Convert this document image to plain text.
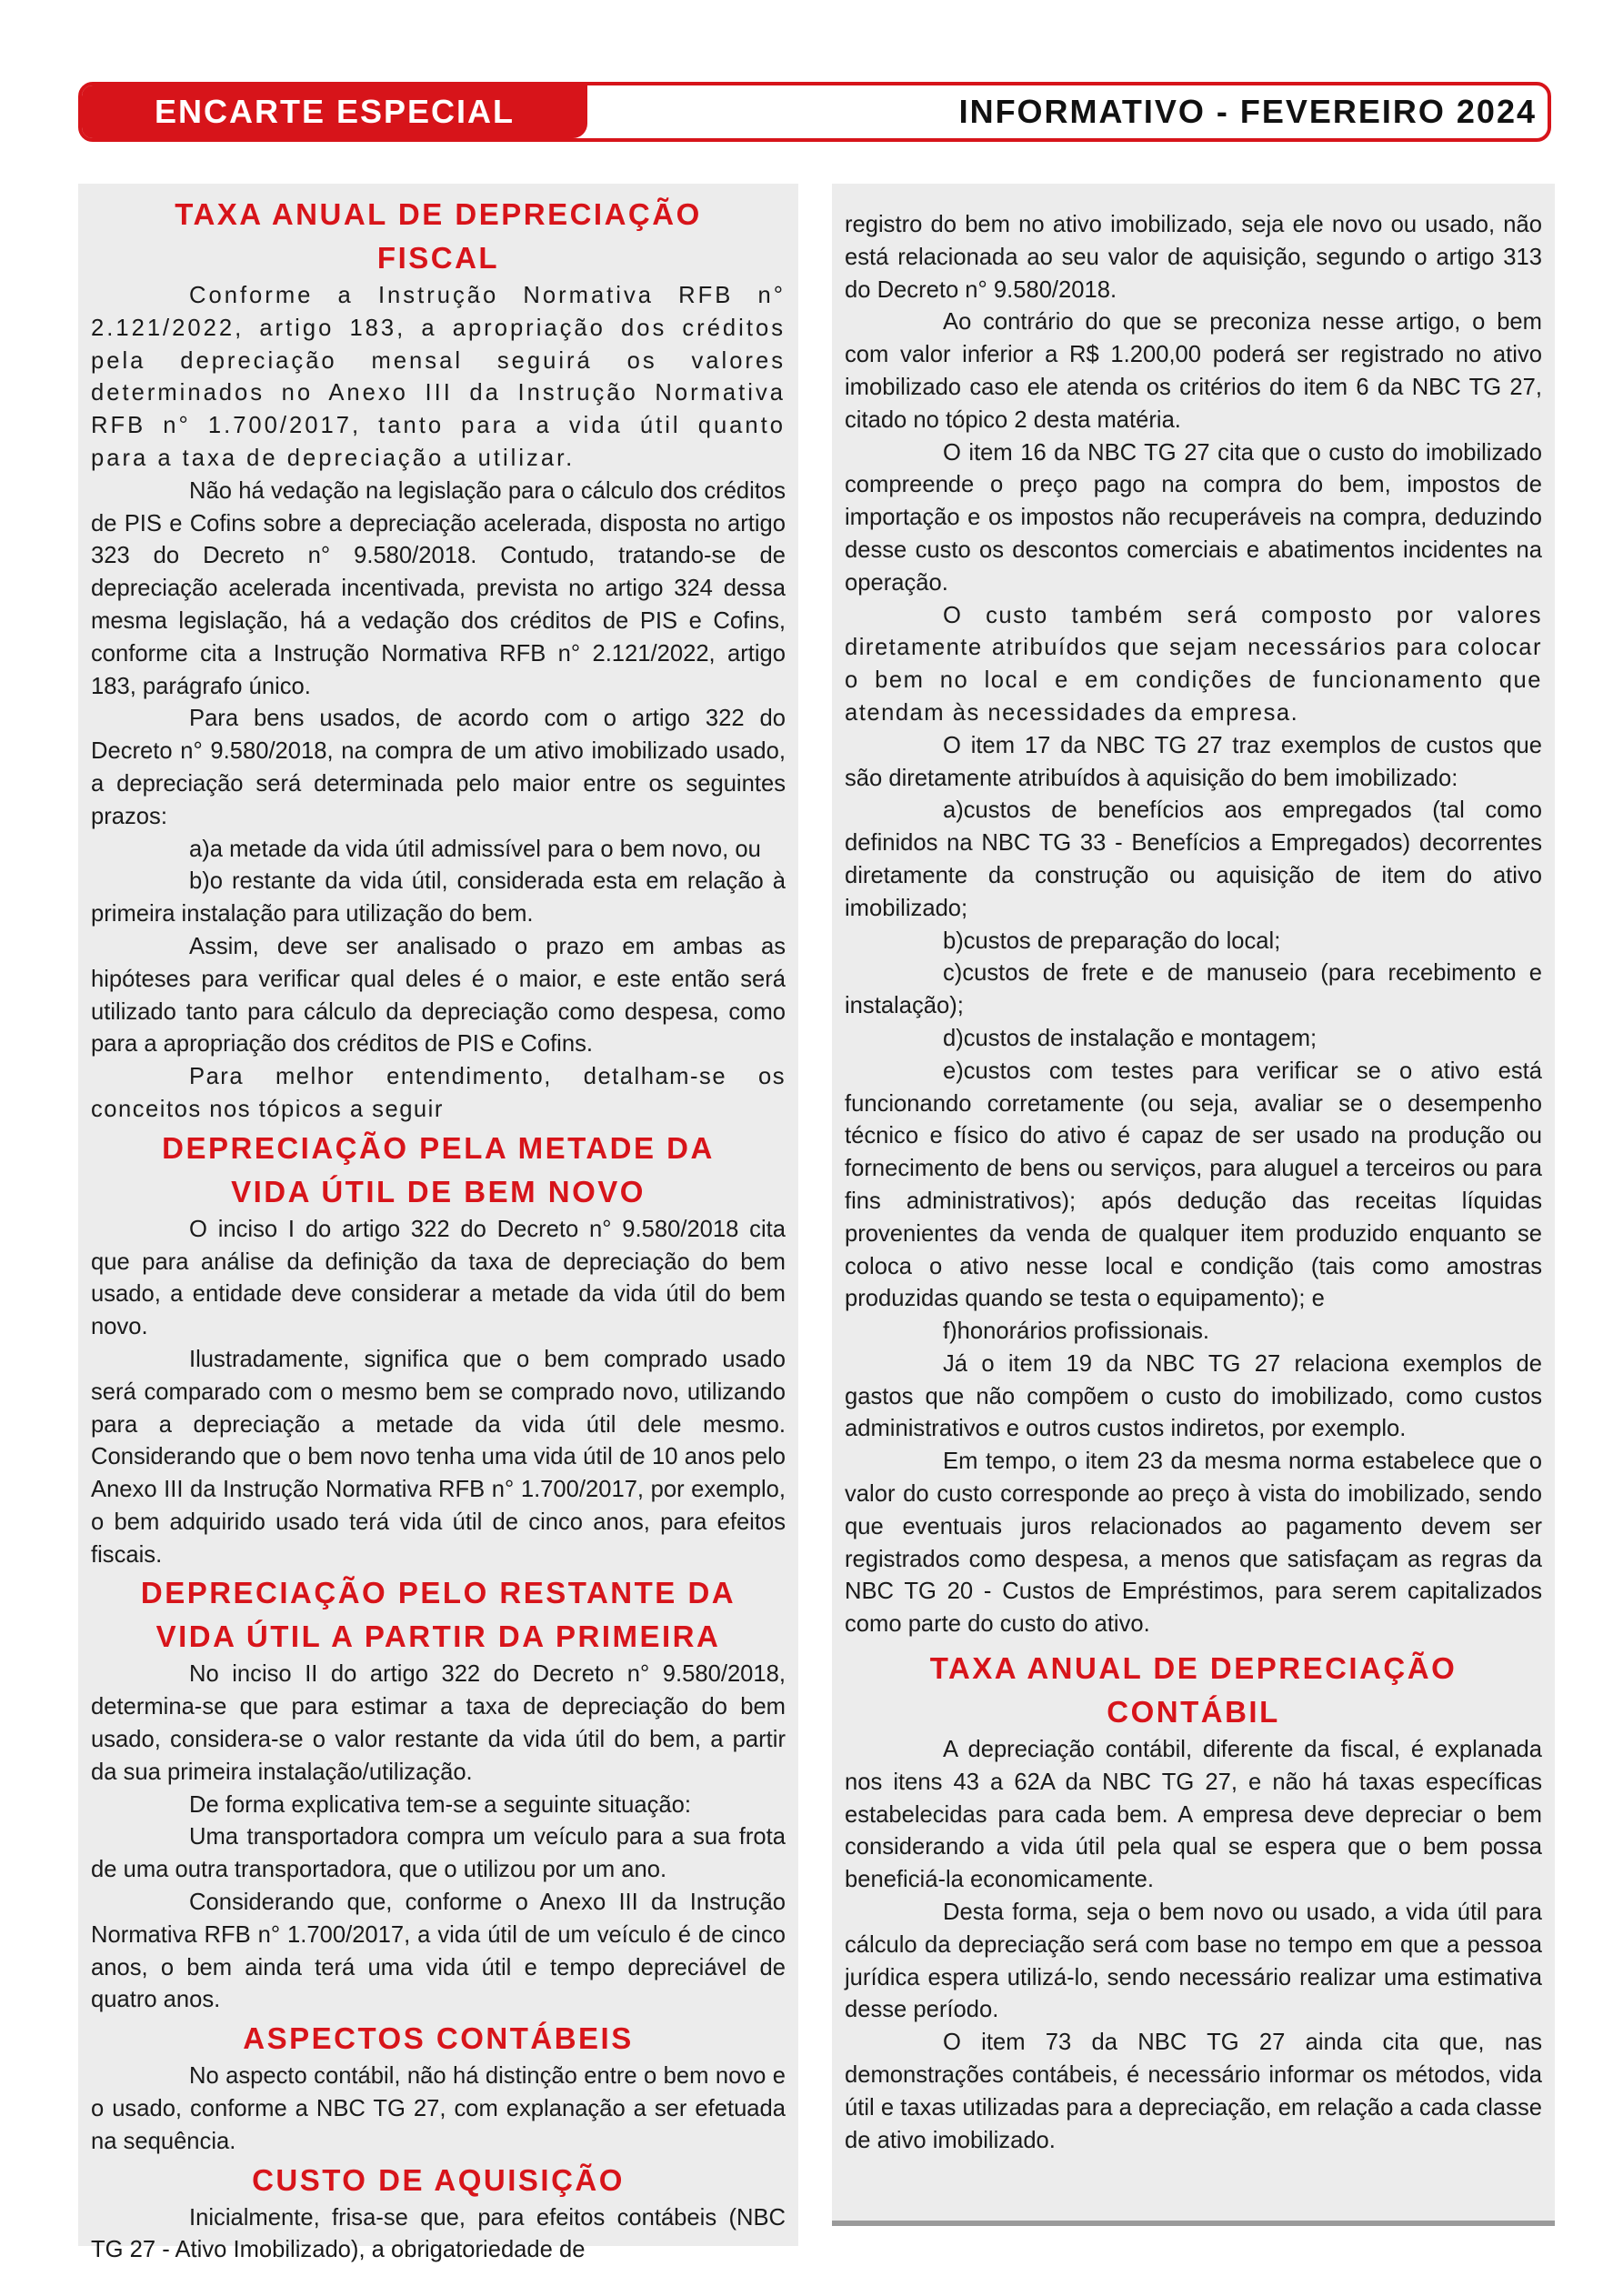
ENCARTE ESPECIAL	INFORMATIVO - FEVEREIRO 2024
TAXA ANUAL DE DEPRECIAÇÃO FISCAL

Conforme a Instrução Normativa RFB n° 2.121/2022, artigo 183, a apropriação dos créditos pela depreciação mensal seguirá os valores determinados no Anexo III da Instrução Normativa RFB n° 1.700/2017, tanto para a vida útil quanto para a taxa de depreciação a utilizar.

Não há vedação na legislação para o cálculo dos créditos de PIS e Cofins sobre a depreciação acelerada, disposta no artigo 323 do Decreto n° 9.580/2018. Contudo, tratando-se de depreciação acelerada incentivada, prevista no artigo 324 dessa mesma legislação, há a vedação dos créditos de PIS e Cofins, conforme cita a Instrução Normativa RFB n° 2.121/2022, artigo 183, parágrafo único.

Para bens usados, de acordo com o artigo 322 do Decreto n° 9.580/2018, na compra de um ativo imobilizado usado, a depreciação será determinada pelo maior entre os seguintes prazos:

a)a metade da vida útil admissível para o bem novo, ou

b)o restante da vida útil, considerada esta em relação à primeira instalação para utilização do bem.

Assim, deve ser analisado o prazo em ambas as hipóteses para verificar qual deles é o maior, e este então será utilizado tanto para cálculo da depreciação como despesa, como para a apropriação dos créditos de PIS e Cofins.

Para melhor entendimento, detalham-se os conceitos nos tópicos a seguir

DEPRECIAÇÃO PELA METADE DA VIDA ÚTIL DE BEM NOVO

O inciso I do artigo 322 do Decreto n° 9.580/2018 cita que para análise da definição da taxa de depreciação do bem usado, a entidade deve considerar a metade da vida útil do bem novo.

Ilustradamente, significa que o bem comprado usado será comparado com o mesmo bem se comprado novo, utilizando para a depreciação a metade da vida útil dele mesmo. Considerando que o bem novo tenha uma vida útil de 10 anos pelo Anexo III da Instrução Normativa RFB n° 1.700/2017, por exemplo, o bem adquirido usado terá vida útil de cinco anos, para efeitos fiscais.

DEPRECIAÇÃO PELO RESTANTE DA VIDA ÚTIL A PARTIR DA PRIMEIRA

No inciso II do artigo 322 do Decreto n° 9.580/2018, determina-se que para estimar a taxa de depreciação do bem usado, considera-se o valor restante da vida útil do bem, a partir da sua primeira instalação/utilização.

De forma explicativa tem-se a seguinte situação:

Uma transportadora compra um veículo para a sua frota de uma outra transportadora, que o utilizou por um ano.

Considerando que, conforme o Anexo III da Instrução Normativa RFB n° 1.700/2017, a vida útil de um veículo é de cinco anos, o bem ainda terá uma vida útil e tempo depreciável de quatro anos.

ASPECTOS CONTÁBEIS

No aspecto contábil, não há distinção entre o bem novo e o usado, conforme a NBC TG 27, com explanação a ser efetuada na sequência.

CUSTO DE AQUISIÇÃO

Inicialmente, frisa-se que, para efeitos contábeis (NBC TG 27 - Ativo Imobilizado), a obrigatoriedade de

registro do bem no ativo imobilizado, seja ele novo ou usado, não está relacionada ao seu valor de aquisição, segundo o artigo 313 do Decreto n° 9.580/2018.

Ao contrário do que se preconiza nesse artigo, o bem com valor inferior a R$ 1.200,00 poderá ser registrado no ativo imobilizado caso ele atenda os critérios do item 6 da NBC TG 27, citado no tópico 2 desta matéria.

O item 16 da NBC TG 27 cita que o custo do imobilizado compreende o preço pago na compra do bem, impostos de importação e os impostos não recuperáveis na compra, deduzindo desse custo os descontos comerciais e abatimentos incidentes na operação.

O custo também será composto por valores diretamente atribuídos que sejam necessários para colocar o bem no local e em condições de funcionamento que atendam às necessidades da empresa.

O item 17 da NBC TG 27 traz exemplos de custos que são diretamente atribuídos à aquisição do bem imobilizado:

a)custos de benefícios aos empregados (tal como definidos na NBC TG 33 - Benefícios a Empregados) decorrentes diretamente da construção ou aquisição de item do ativo imobilizado;

b)custos de preparação do local;

c)custos de frete e de manuseio (para recebimento e instalação);

d)custos de instalação e montagem;

e)custos com testes para verificar se o ativo está funcionando corretamente (ou seja, avaliar se o desempenho técnico e físico do ativo é capaz de ser usado na produção ou fornecimento de bens ou serviços, para aluguel a terceiros ou para fins administrativos); após dedução das receitas líquidas provenientes da venda de qualquer item produzido enquanto se coloca o ativo nesse local e condição (tais como amostras produzidas quando se testa o equipamento); e

f)honorários profissionais.

Já o item 19 da NBC TG 27 relaciona exemplos de gastos que não compõem o custo do imobilizado, como custos administrativos e outros custos indiretos, por exemplo.

Em tempo, o item 23 da mesma norma estabelece que o valor do custo corresponde ao preço à vista do imobilizado, sendo que eventuais juros relacionados ao pagamento devem ser registrados como despesa, a menos que satisfaçam as regras da NBC TG 20 - Custos de Empréstimos, para serem capitalizados como parte do custo do ativo.

TAXA ANUAL DE DEPRECIAÇÃO CONTÁBIL

A depreciação contábil, diferente da fiscal, é explanada nos itens 43 a 62A da NBC TG 27, e não há taxas específicas estabelecidas para cada bem. A empresa deve depreciar o bem considerando a vida útil pela qual se espera que o bem possa beneficiá-la economicamente.

Desta forma, seja o bem novo ou usado, a vida útil para cálculo da depreciação será com base no tempo em que a pessoa jurídica espera utilizá-lo, sendo necessário realizar uma estimativa desse período.

O item 73 da NBC TG 27 ainda cita que, nas demonstrações contábeis, é necessário informar os métodos, vida útil e taxas utilizadas para a depreciação, em relação a cada classe de ativo imobilizado.
